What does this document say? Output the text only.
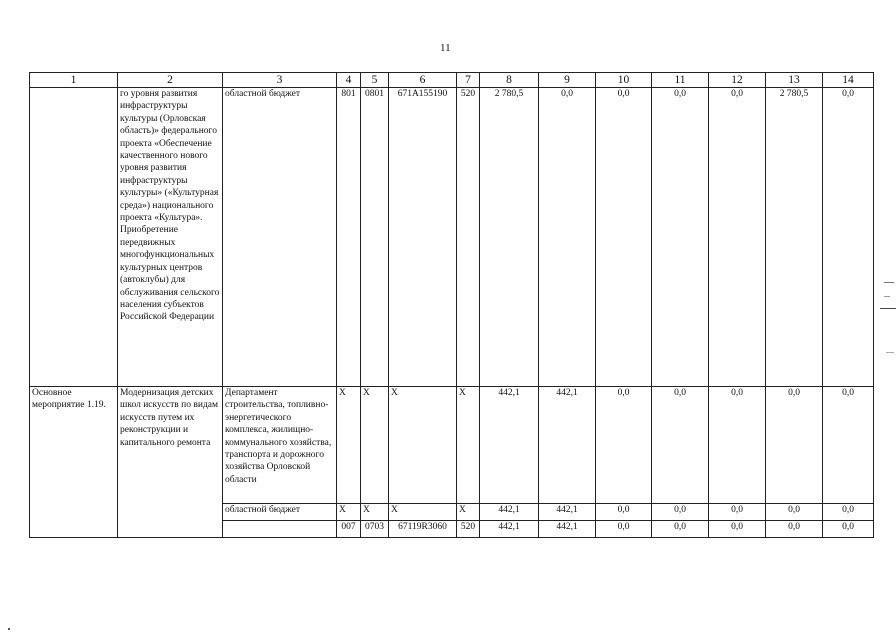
11
1	2	3	4	5	6	7	8	9	10	11	12	13	14
	го уровня развития инфраструктуры культуры (Орловская область)» федерального проекта «Обеспечение качественного нового уровня развития инфраструктуры культуры» («Культурная среда») национального проекта «Культура». Приобретение передвижных многофункциональных культурных центров (автоклубы) для обслуживания сельского населения субъектов Российской Федерации	областной бюджет	801	0801	671A155190	520	2 780,5	0,0	0,0	0,0	0,0	2 780,5	0,0
Основное мероприятие 1.19.	Модернизация детских школ искусств по видам искусств путем их реконструкции и капитального ремонта	Департамент строительства, топливно-энергетического комплекса, жилищно-коммунального хозяйства, транспорта и дорожного хозяйства Орловской области	X	X	X	X	442,1	442,1	0,0	0,0	0,0	0,0	0,0
		областной бюджет	X	X	X	X	442,1	442,1	0,0	0,0	0,0	0,0	0,0
			007	0703	67119R3060	520	442,1	442,1	0,0	0,0	0,0	0,0	0,0
